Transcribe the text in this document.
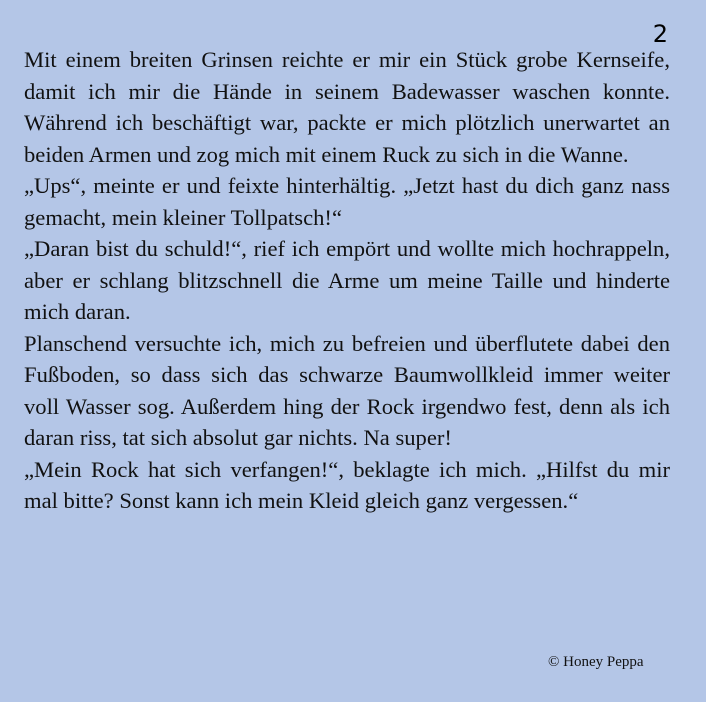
2

Mit einem breiten Grinsen reichte er mir ein Stück grobe Kernseife, damit ich mir die Hände in seinem Badewasser waschen konnte. Während ich beschäftigt war, packte er mich plötzlich unerwartet an beiden Armen und zog mich mit einem Ruck zu sich in die Wanne.

„Ups“, meinte er und feixte hinterhältig. „Jetzt hast du dich ganz nass gemacht, mein kleiner Tollpatsch!“

„Daran bist du schuld!“, rief ich empört und wollte mich hochrappeln, aber er schlang blitzschnell die Arme um meine Taille und hinderte mich daran.

Planschend versuchte ich, mich zu befreien und überflutete dabei den Fußboden, so dass sich das schwarze Baumwollkleid immer weiter voll Wasser sog. Außerdem hing der Rock irgendwo fest, denn als ich daran riss, tat sich absolut gar nichts. Na super!

„Mein Rock hat sich verfangen!“, beklagte ich mich. „Hilfst du mir mal bitte? Sonst kann ich mein Kleid gleich ganz vergessen.“

© Honey Peppa
